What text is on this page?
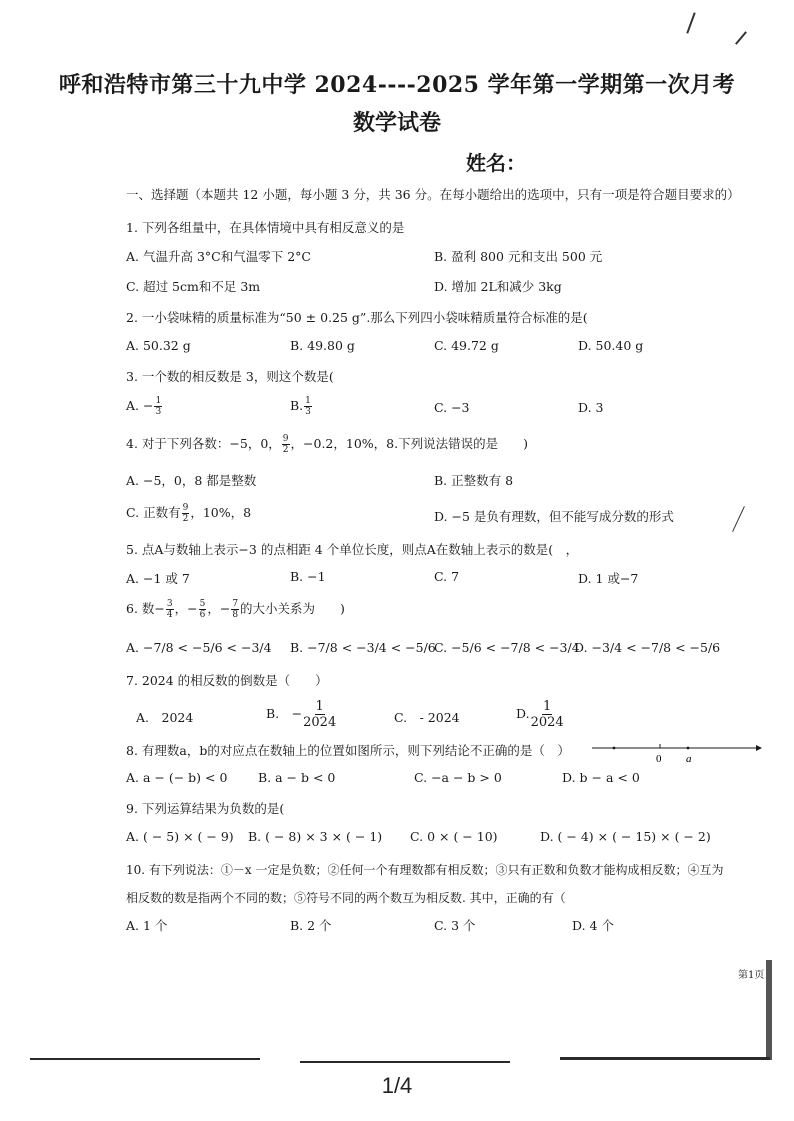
呼和浩特市第三十九中学 2024----2025 学年第一学期第一次月考
数学试卷
姓名：
一、选择题（本题共 12 小题，每小题 3 分，共 36 分。在每小题给出的选项中，只有一项是符合题目要求的）
1. 下列各组量中，在具体情境中具有相反意义的是
A. 气温升高 3°C和气温零下 2°C	B. 盈利 800 元和支出 500 元
C. 超过 5cm和不足 3m	D. 增加 2L和减少 3kg
2. 一小袋味精的质量标准为“50 ± 0.25 g”.那么下列四小袋味精质量符合标准的是(
A. 50.32 g	B. 49.80 g	C. 49.72 g	D. 50.40 g
3. 一个数的相反数是 3，则这个数是(
A. − $\frac{1}{3}$	B. $\frac{1}{3}$	C. −3	D. 3
4. 对于下列各数：−5，0， $\frac{9}{2}$ ，−0.2，10%，8.下列说法错误的是　　)
A. −5，0，8 都是整数	B. 正整数有 8
C. 正数有 $\frac{9}{2}$ ，10%，8	D. −5 是负有理数，但不能写成分数的形式
5. 点A与数轴上表示−3 的点相距 4 个单位长度，则点A在数轴上表示的数是(　，
A. −1 或 7	B. −1	C. 7	D. 1 或−7
6. 数− $\frac{3}{4}$ ，− $\frac{5}{6}$ ，− $\frac{7}{8}$ 的大小关系为　　)
A. −7/8 < −5/6 < −3/4 B. −7/8 < −3/4 < −5/6
C. −5/6 < −7/8 < −3/4
D. −3/4 < −7/8 < −5/6
7. 2024 的相反数的倒数是（　　）
A.　2024	B.　− $\frac{1}{2024}$	C.　- 2024	D. $\frac{1}{2024}$
8. 有理数a，b的对应点在数轴上的位置如图所示，则下列结论不正确的是（　）
0 a
A. a − (− b) < 0 B. a − b < 0	C. −a − b > 0	D. b − a < 0
9. 下列运算结果为负数的是(
A. ( − 5) × ( − 9) B. ( − 8) × 3 × ( − 1) C. 0 × ( − 10)	D. ( − 4) × ( − 15) × ( − 2)
10. 有下列说法：①－x 一定是负数；②任何一个有理数都有相反数；③只有正数和负数才能构成相反数；④互为
相反数的数是指两个不同的数；⑤符号不同的两个数互为相反数. 其中，正确的有（
A. 1 个	B. 2 个	C. 3 个	D. 4 个
第1页
1/4
